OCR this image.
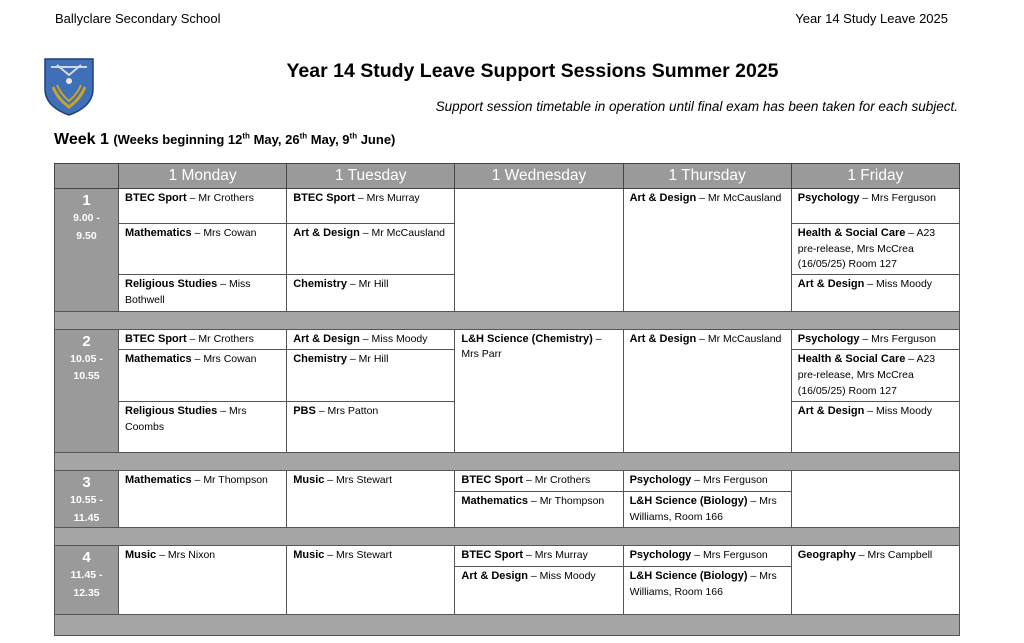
Ballyclare Secondary School	Year 14 Study Leave 2025
Year 14 Study Leave Support Sessions Summer 2025
Support session timetable in operation until final exam has been taken for each subject.
Week 1 (Weeks beginning 12th May, 26th May, 9th June)
	1 Monday	1 Tuesday	1 Wednesday	1 Thursday	1 Friday

1
9.00 -
9.50	BTEC Sport – Mr Crothers	BTEC Sport – Mrs Murray		Art & Design – Mr McCausland	Psychology – Mrs Ferguson

	Mathematics – Mrs Cowan	Art & Design – Mr McCausland			Health & Social Care – A23 pre-release, Mrs McCrea (16/05/25) Room 127

	Religious Studies – Miss Bothwell	Chemistry – Mr Hill			Art & Design – Miss Moody

2
10.05 -
10.55	BTEC Sport – Mr Crothers	Art & Design – Miss Moody	L&H Science (Chemistry) – Mrs Parr	Art & Design – Mr McCausland	Psychology – Mrs Ferguson

	Mathematics – Mrs Cowan	Chemistry – Mr Hill			Health & Social Care – A23 pre-release, Mrs McCrea (16/05/25) Room 127

	Religious Studies – Mrs Coombs	PBS – Mrs Patton			Art & Design – Miss Moody

3
10.55 -
11.45	Mathematics – Mr Thompson	Music – Mrs Stewart	BTEC Sport – Mr Crothers	Psychology – Mrs Ferguson	

			Mathematics – Mr Thompson	L&H Science (Biology) – Mrs Williams, Room 166	

4
11.45 -
12.35	Music – Mrs Nixon	Music – Mrs Stewart	BTEC Sport – Mrs Murray	Psychology – Mrs Ferguson	Geography – Mrs Campbell

			Art & Design – Miss Moody	L&H Science (Biology) – Mrs Williams, Room 166	
